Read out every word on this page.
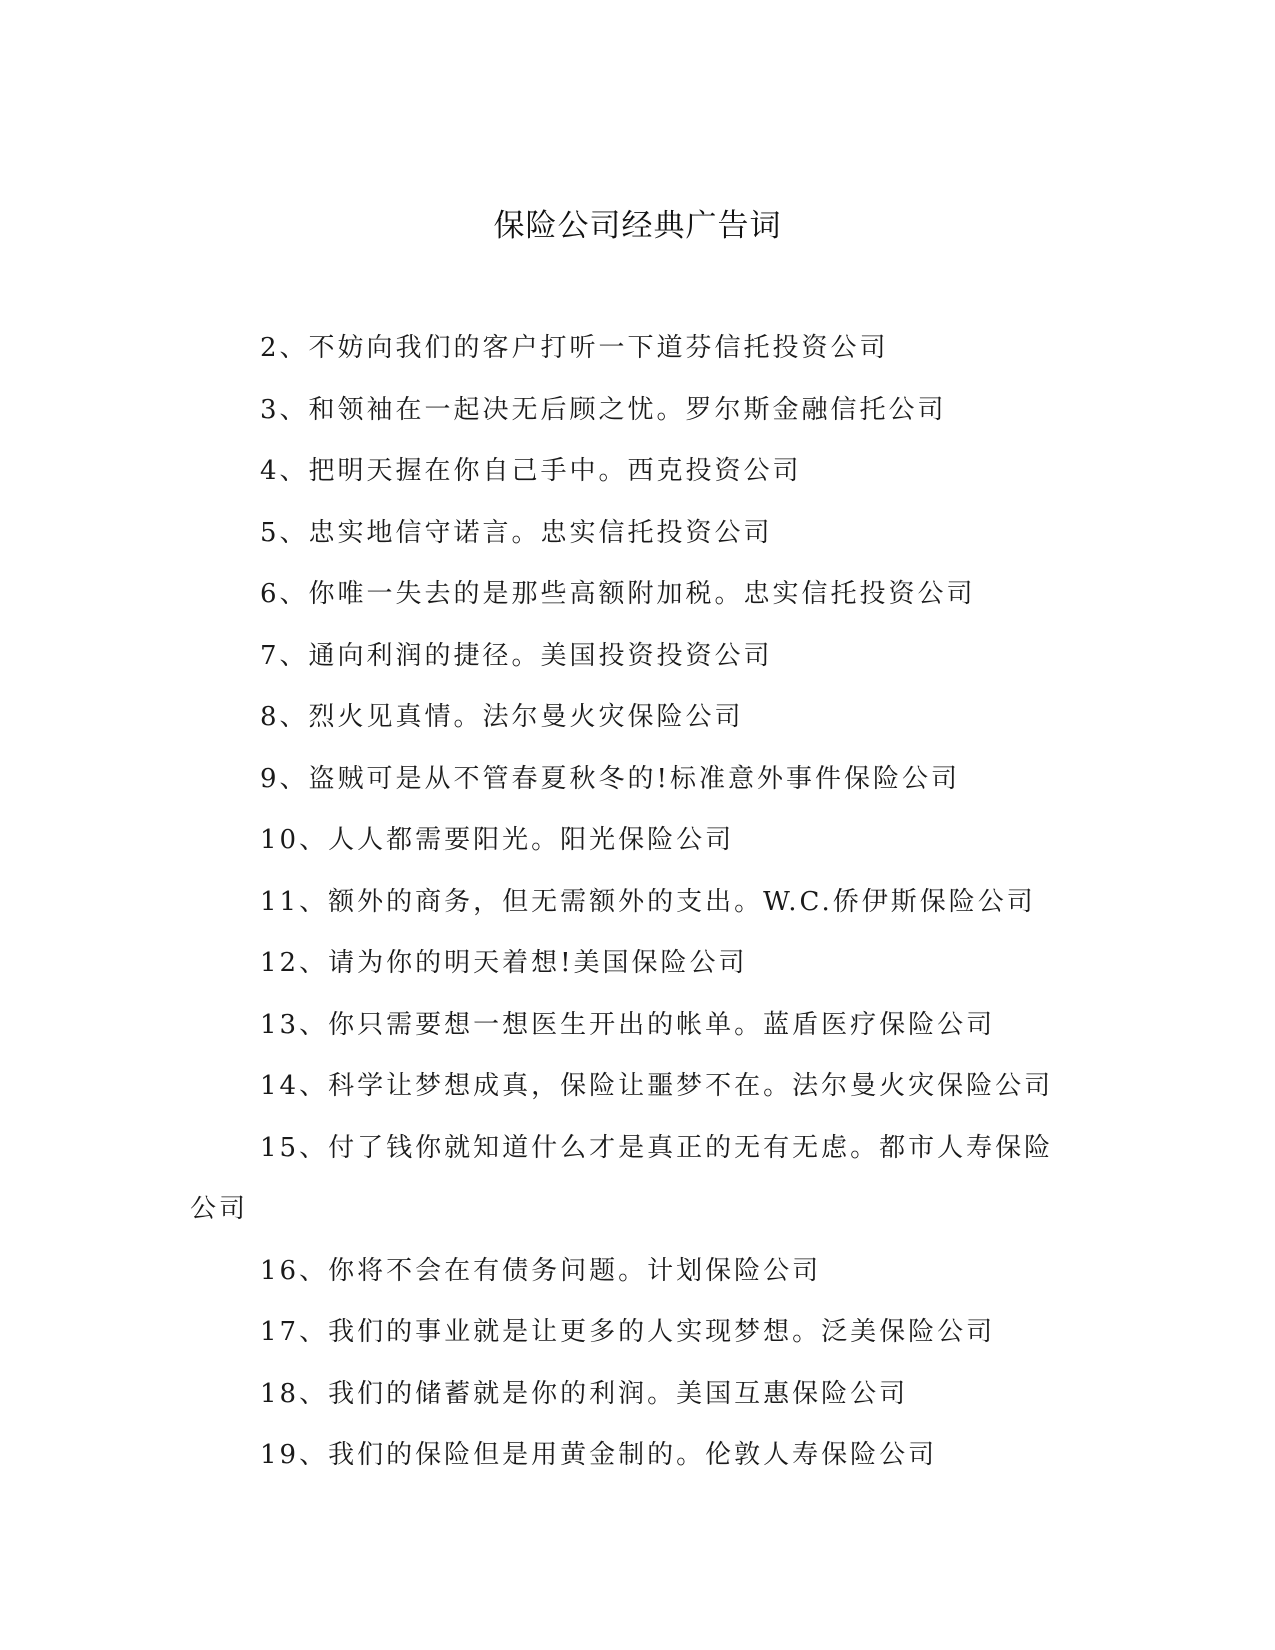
保险公司经典广告词

2、不妨向我们的客户打听一下道芬信托投资公司

3、和领袖在一起决无后顾之忧。罗尔斯金融信托公司

4、把明天握在你自己手中。西克投资公司

5、忠实地信守诺言。忠实信托投资公司

6、你唯一失去的是那些高额附加税。忠实信托投资公司

7、通向利润的捷径。美国投资投资公司

8、烈火见真情。法尔曼火灾保险公司

9、盗贼可是从不管春夏秋冬的!标准意外事件保险公司

10、人人都需要阳光。阳光保险公司

11、额外的商务，但无需额外的支出。W.C.侨伊斯保险公司

12、请为你的明天着想!美国保险公司

13、你只需要想一想医生开出的帐单。蓝盾医疗保险公司

14、科学让梦想成真，保险让噩梦不在。法尔曼火灾保险公司

15、付了钱你就知道什么才是真正的无有无虑。都市人寿保险公司

16、你将不会在有债务问题。计划保险公司

17、我们的事业就是让更多的人实现梦想。泛美保险公司

18、我们的储蓄就是你的利润。美国互惠保险公司

19、我们的保险但是用黄金制的。伦敦人寿保险公司
